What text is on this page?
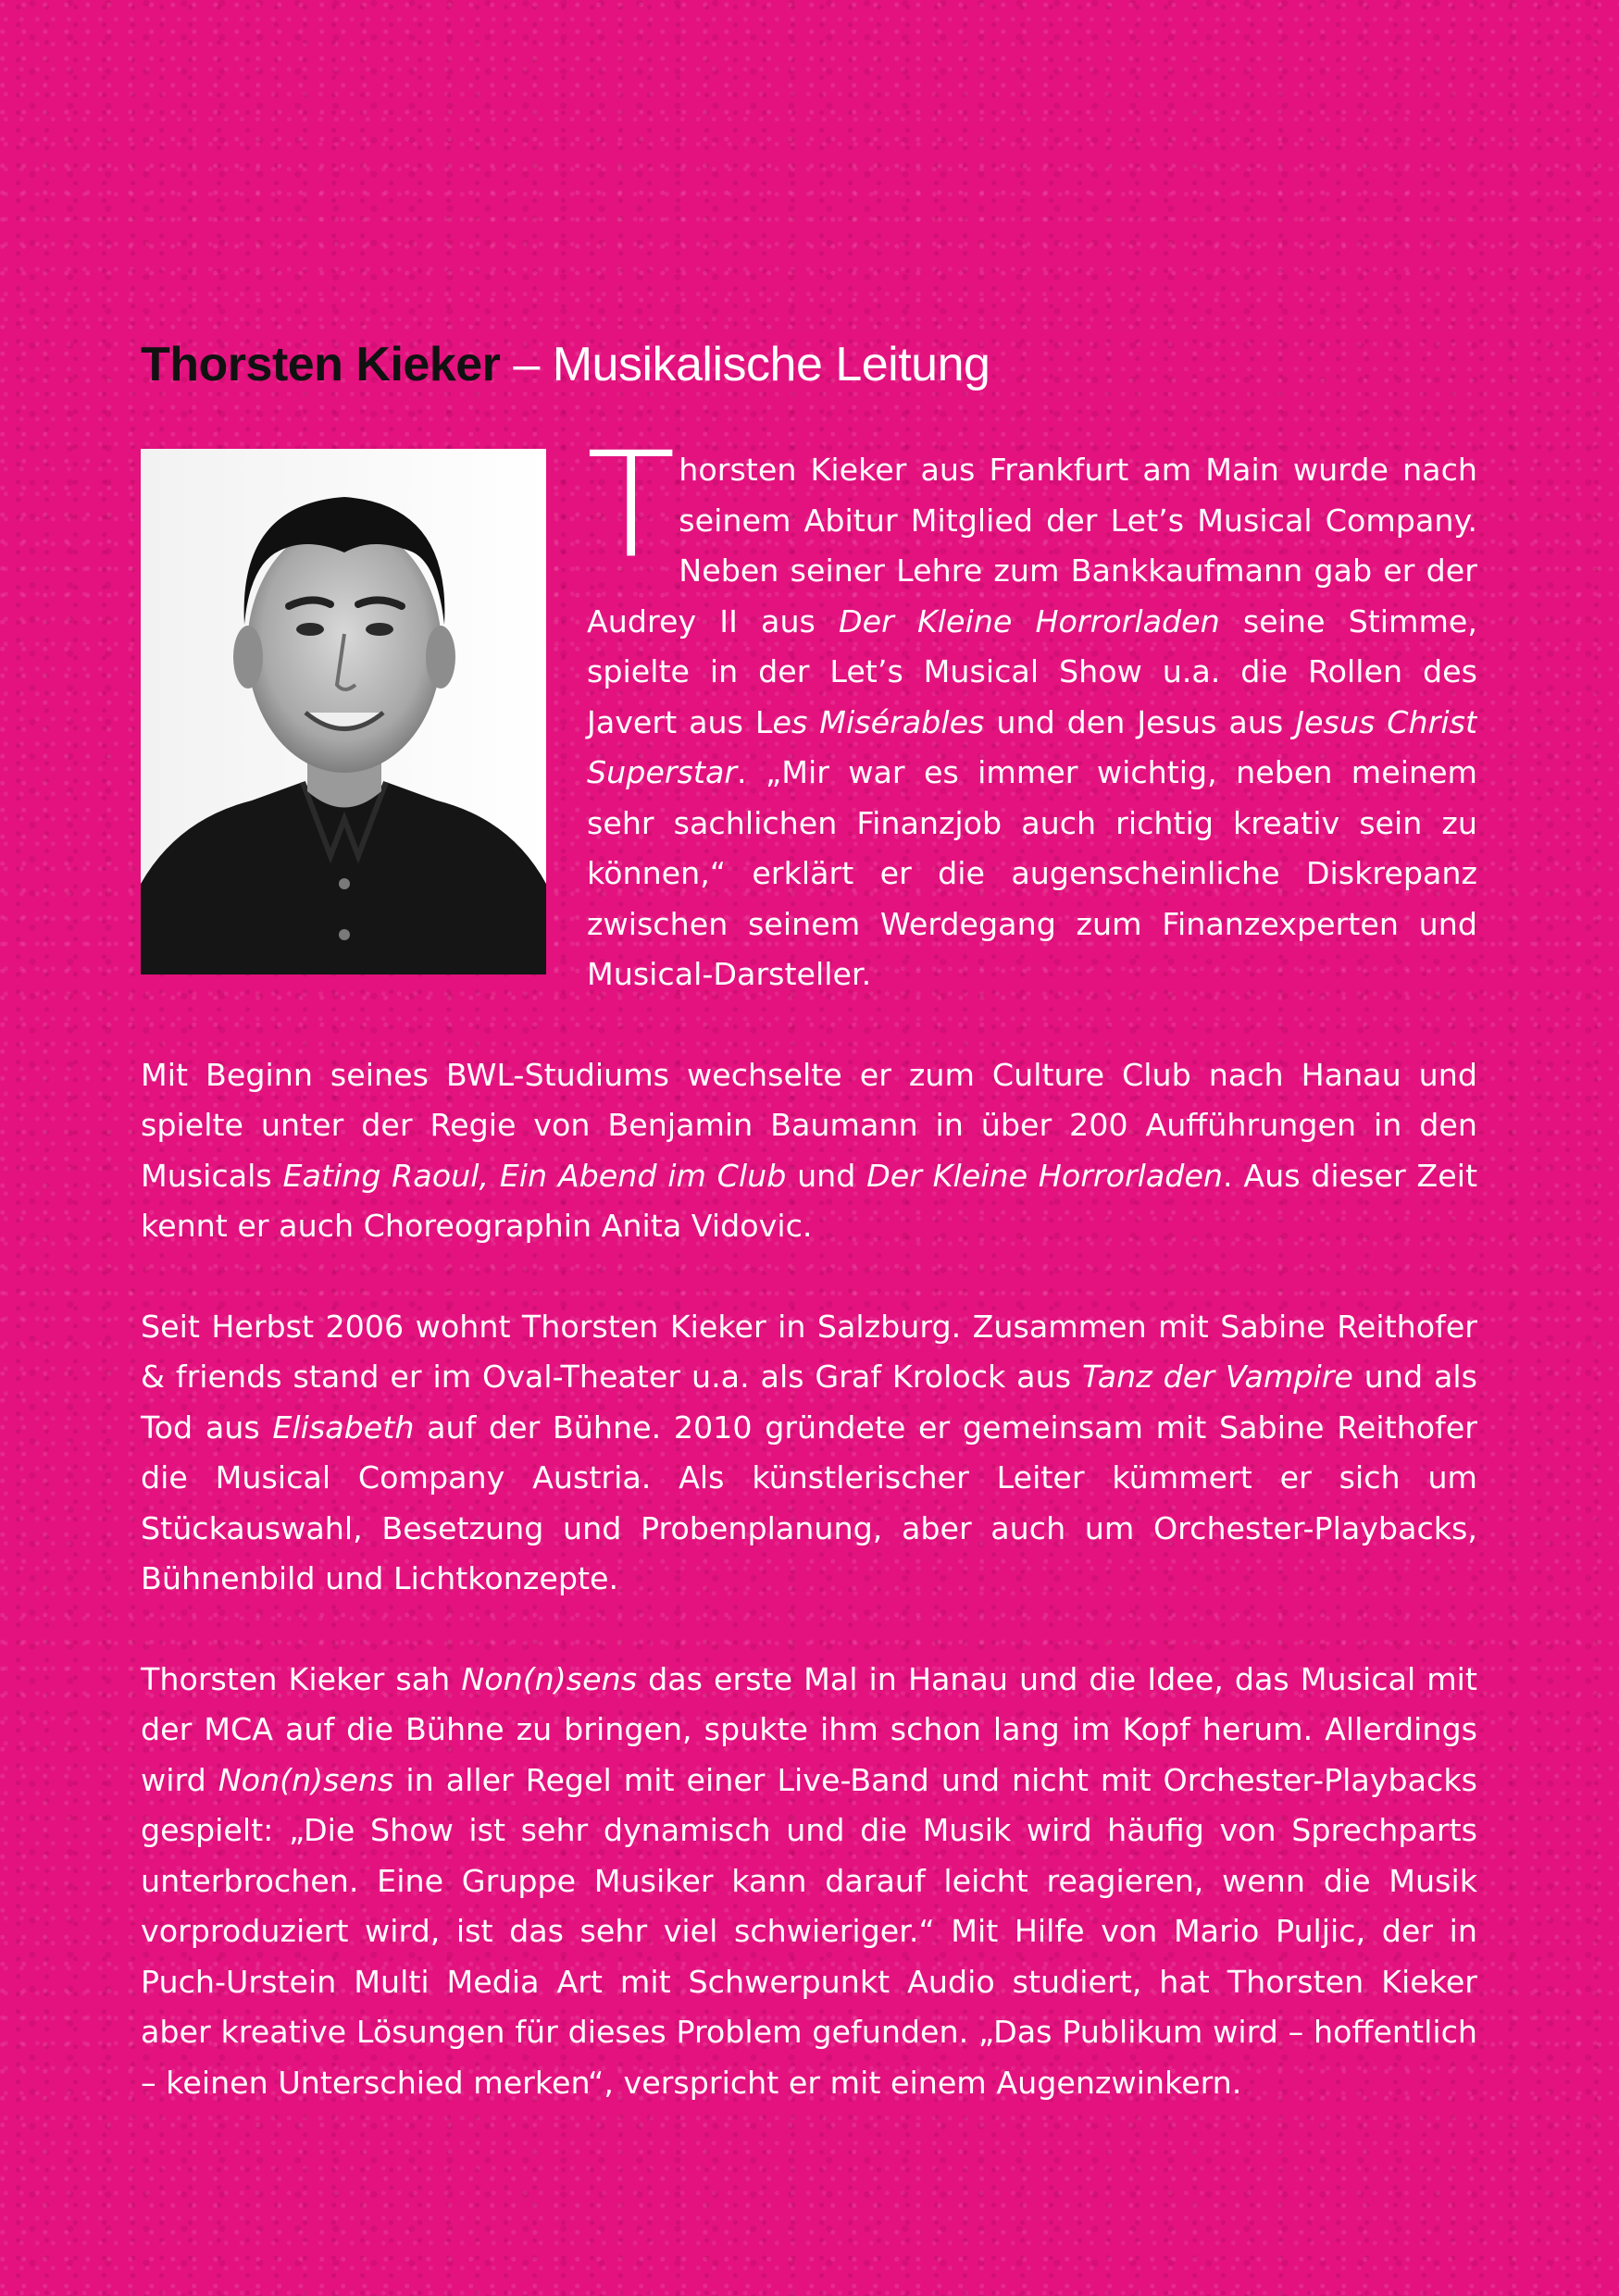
Thorsten Kieker – Musikalische Leitung

Thorsten Kieker aus Frankfurt am Main wurde nach seinem Abitur Mitglied der Let’s Musical Company. Neben seiner Lehre zum Bankkaufmann gab er der Audrey II aus Der Kleine Horrorladen seine Stimme, spielte in der Let’s Musical Show u.a. die Rollen des Javert aus Les Misérables und den Jesus aus Jesus Christ Superstar. „Mir war es immer wichtig, neben meinem sehr sachlichen Finanzjob auch richtig kreativ sein zu können,“ erklärt er die augenscheinliche Diskrepanz zwischen seinem Werdegang zum Finanzexperten und Musical-Darsteller.

Mit Beginn seines BWL-Studiums wechselte er zum Culture Club nach Hanau und spielte unter der Regie von Benjamin Baumann in über 200 Aufführungen in den Musicals Eating Raoul, Ein Abend im Club und Der Kleine Horrorladen. Aus dieser Zeit kennt er auch Choreographin Anita Vidovic.

Seit Herbst 2006 wohnt Thorsten Kieker in Salzburg. Zusammen mit Sabine Reithofer & friends stand er im Oval-Theater u.a. als Graf Krolock aus Tanz der Vampire und als Tod aus Elisabeth auf der Bühne. 2010 gründete er gemeinsam mit Sabine Reithofer die Musical Company Austria. Als künstlerischer Leiter kümmert er sich um Stückauswahl, Besetzung und Probenplanung, aber auch um Orchester-Playbacks, Bühnenbild und Lichtkonzepte.

Thorsten Kieker sah Non(n)sens das erste Mal in Hanau und die Idee, das Musical mit der MCA auf die Bühne zu bringen, spukte ihm schon lang im Kopf herum. Allerdings wird Non(n)sens in aller Regel mit einer Live-Band und nicht mit Orchester-Playbacks gespielt: „Die Show ist sehr dynamisch und die Musik wird häufig von Sprechparts unterbrochen. Eine Gruppe Musiker kann darauf leicht reagieren, wenn die Musik vorproduziert wird, ist das sehr viel schwieriger.“ Mit Hilfe von Mario Puljic, der in Puch-Urstein Multi Media Art mit Schwerpunkt Audio studiert, hat Thorsten Kieker aber kreative Lösungen für dieses Problem gefunden. „Das Publikum wird – hoffentlich – keinen Unterschied merken“, verspricht er mit einem Augenzwinkern.
